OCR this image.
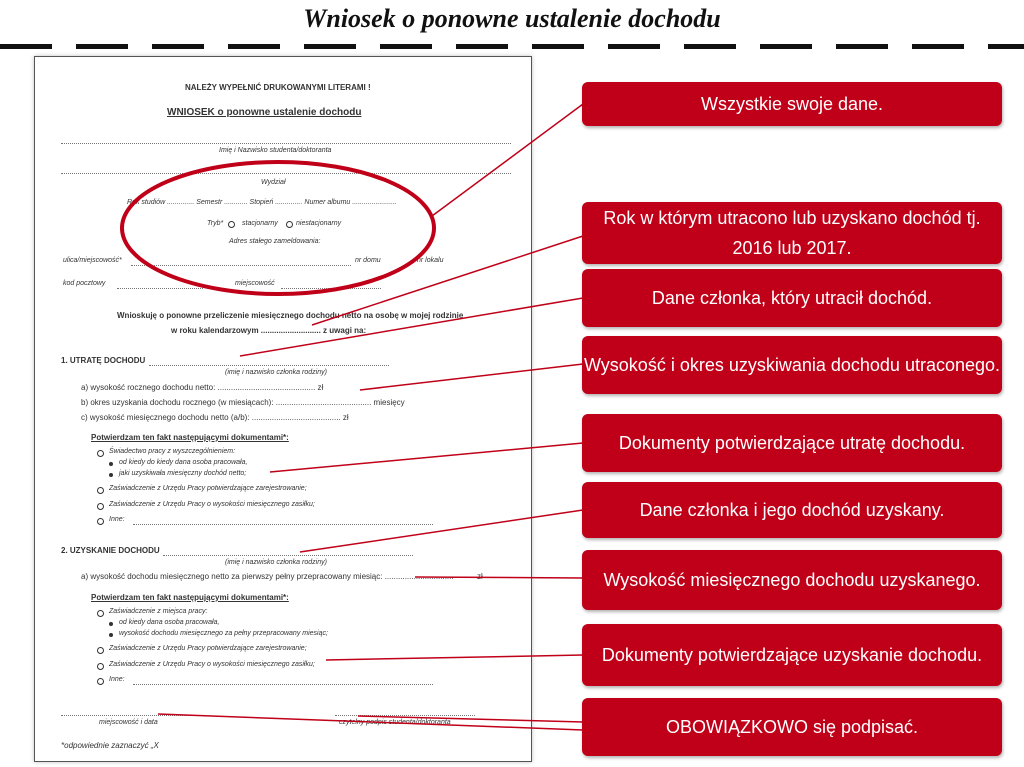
Wniosek o ponowne ustalenie dochodu
NALEŻY WYPEŁNIĆ DRUKOWANYMI LITERAMI !
WNIOSEK o ponowne ustalenie dochodu
Imię i Nazwisko studenta/doktoranta
Wydział
Rok studiów .............. Semestr ............ Stopień .............. Numer albumu .......................
Tryb*	stacjonarny	niestacjonarny
Adres stałego zameldowania:
ulica/miejscowość*	nr domu	nr lokalu
kod pocztowy	miejscowość
Wnioskuję o ponowne przeliczenie miesięcznego dochodu netto na osobę w mojej rodzinie
w roku kalendarzowym ........................... z uwagi na:
1. UTRATĘ DOCHODU
(imię i nazwisko członka rodziny)
a) wysokość rocznego dochodu netto: ............................................ zł
b) okres uzyskania dochodu rocznego (w miesiącach): ........................................... miesięcy
c) wysokość miesięcznego dochodu netto (a/b): ........................................ zł
Potwierdzam ten fakt następującymi dokumentami*:
Świadectwo pracy z wyszczególnieniem:
od kiedy do kiedy dana osoba pracowała,
jaki uzyskiwała miesięczny dochód netto;
Zaświadczenie z Urzędu Pracy potwierdzające zarejestrowanie;
Zaświadczenie z Urzędu Pracy o wysokości miesięcznego zasiłku;
Inne:
2. UZYSKANIE DOCHODU
(imię i nazwisko członka rodziny)
a) wysokość dochodu miesięcznego netto za pierwszy pełny przepracowany miesiąc: ...............................	zł
Potwierdzam ten fakt następującymi dokumentami*:
Zaświadczenie z miejsca pracy:
od kiedy dana osoba pracowała,
wysokość dochodu miesięcznego za pełny przepracowany miesiąc;
Zaświadczenie z Urzędu Pracy potwierdzające zarejestrowanie;
Zaświadczenie z Urzędu Pracy o wysokości miesięcznego zasiłku;
Inne:
miejscowość i data	czytelny podpis studenta/doktoranta
*odpowiednie zaznaczyć „X
Wszystkie swoje dane.
Rok w którym utracono lub uzyskano dochód tj. 2016 lub 2017.
Dane członka, który utracił dochód.
Wysokość i okres uzyskiwania dochodu utraconego.
Dokumenty potwierdzające utratę dochodu.
Dane członka i jego dochód uzyskany.
Wysokość miesięcznego dochodu uzyskanego.
Dokumenty potwierdzające uzyskanie dochodu.
OBOWIĄZKOWO się podpisać.
